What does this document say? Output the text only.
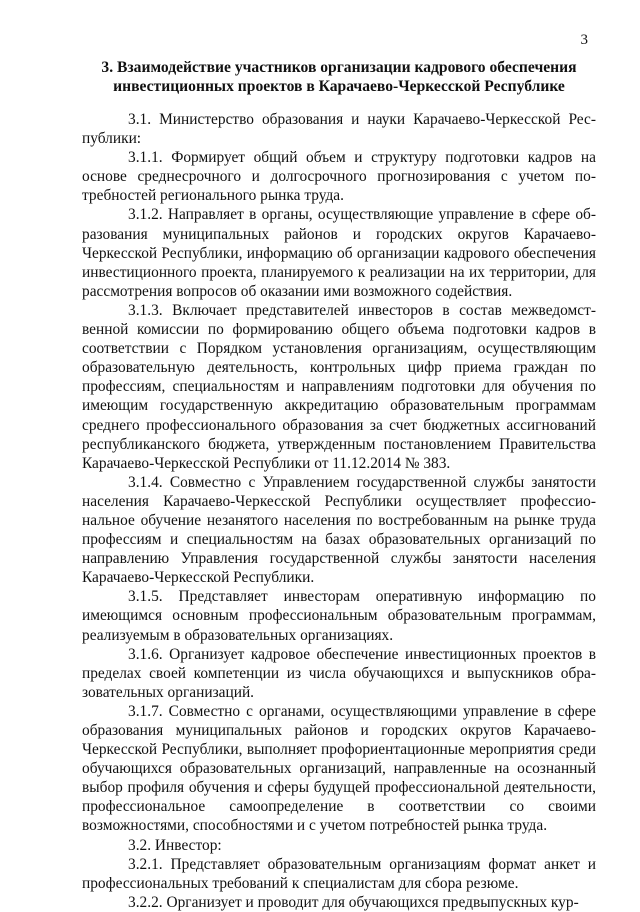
3
3. Взаимодействие участников организации кадрового обеспечения
инвестиционных проектов в Карачаево-Черкесской Республике

3.1. Министерство образования и науки Карачаево-Черкесской Республики:

3.1.1. Формирует общий объем и структуру подготовки кадров на основе среднесрочного и долгосрочного прогнозирования с учетом потребностей регионального рынка труда.

3.1.2. Направляет в органы, осуществляющие управление в сфере образования муниципальных районов и городских округов Карачаево-Черкесской Республики, информацию об организации кадрового обеспечения инвестиционного проекта, планируемого к реализации на их территории, для рассмотрения вопросов об оказании ими возможного содействия.

3.1.3. Включает представителей инвесторов в состав межведомственной комиссии по формированию общего объема подготовки кадров в соответствии с Порядком установления организациям, осуществляющим образовательную деятельность, контрольных цифр приема граждан по профессиям, специальностям и направлениям подготовки для обучения по имеющим государственную аккредитацию образовательным программам среднего профессионального образования за счет бюджетных ассигнований республиканского бюджета, утвержденным постановлением Правительства Карачаево-Черкесской Республики от 11.12.2014 № 383.

3.1.4. Совместно с Управлением государственной службы занятости населения Карачаево-Черкесской Республики осуществляет профессиональное обучение незанятого населения по востребованным на рынке труда профессиям и специальностям на базах образовательных организаций по направлению Управления государственной службы занятости населения Карачаево-Черкесской Республики.

3.1.5. Представляет инвесторам оперативную информацию по имеющимся основным профессиональным образовательным программам, реализуемым в образовательных организациях.

3.1.6. Организует кадровое обеспечение инвестиционных проектов в пределах своей компетенции из числа обучающихся и выпускников образовательных организаций.

3.1.7. Совместно с органами, осуществляющими управление в сфере образования муниципальных районов и городских округов Карачаево-Черкесской Республики, выполняет профориентационные мероприятия среди обучающихся образовательных организаций, направленные на осознанный выбор профиля обучения и сферы будущей профессиональной деятельности, профессиональное самоопределение в соответствии со своими возможностями, способностями и с учетом потребностей рынка труда.

3.2. Инвестор:

3.2.1. Представляет образовательным организациям формат анкет и профессиональных требований к специалистам для сбора резюме.

3.2.2. Организует и проводит для обучающихся предвыпускных кур-
